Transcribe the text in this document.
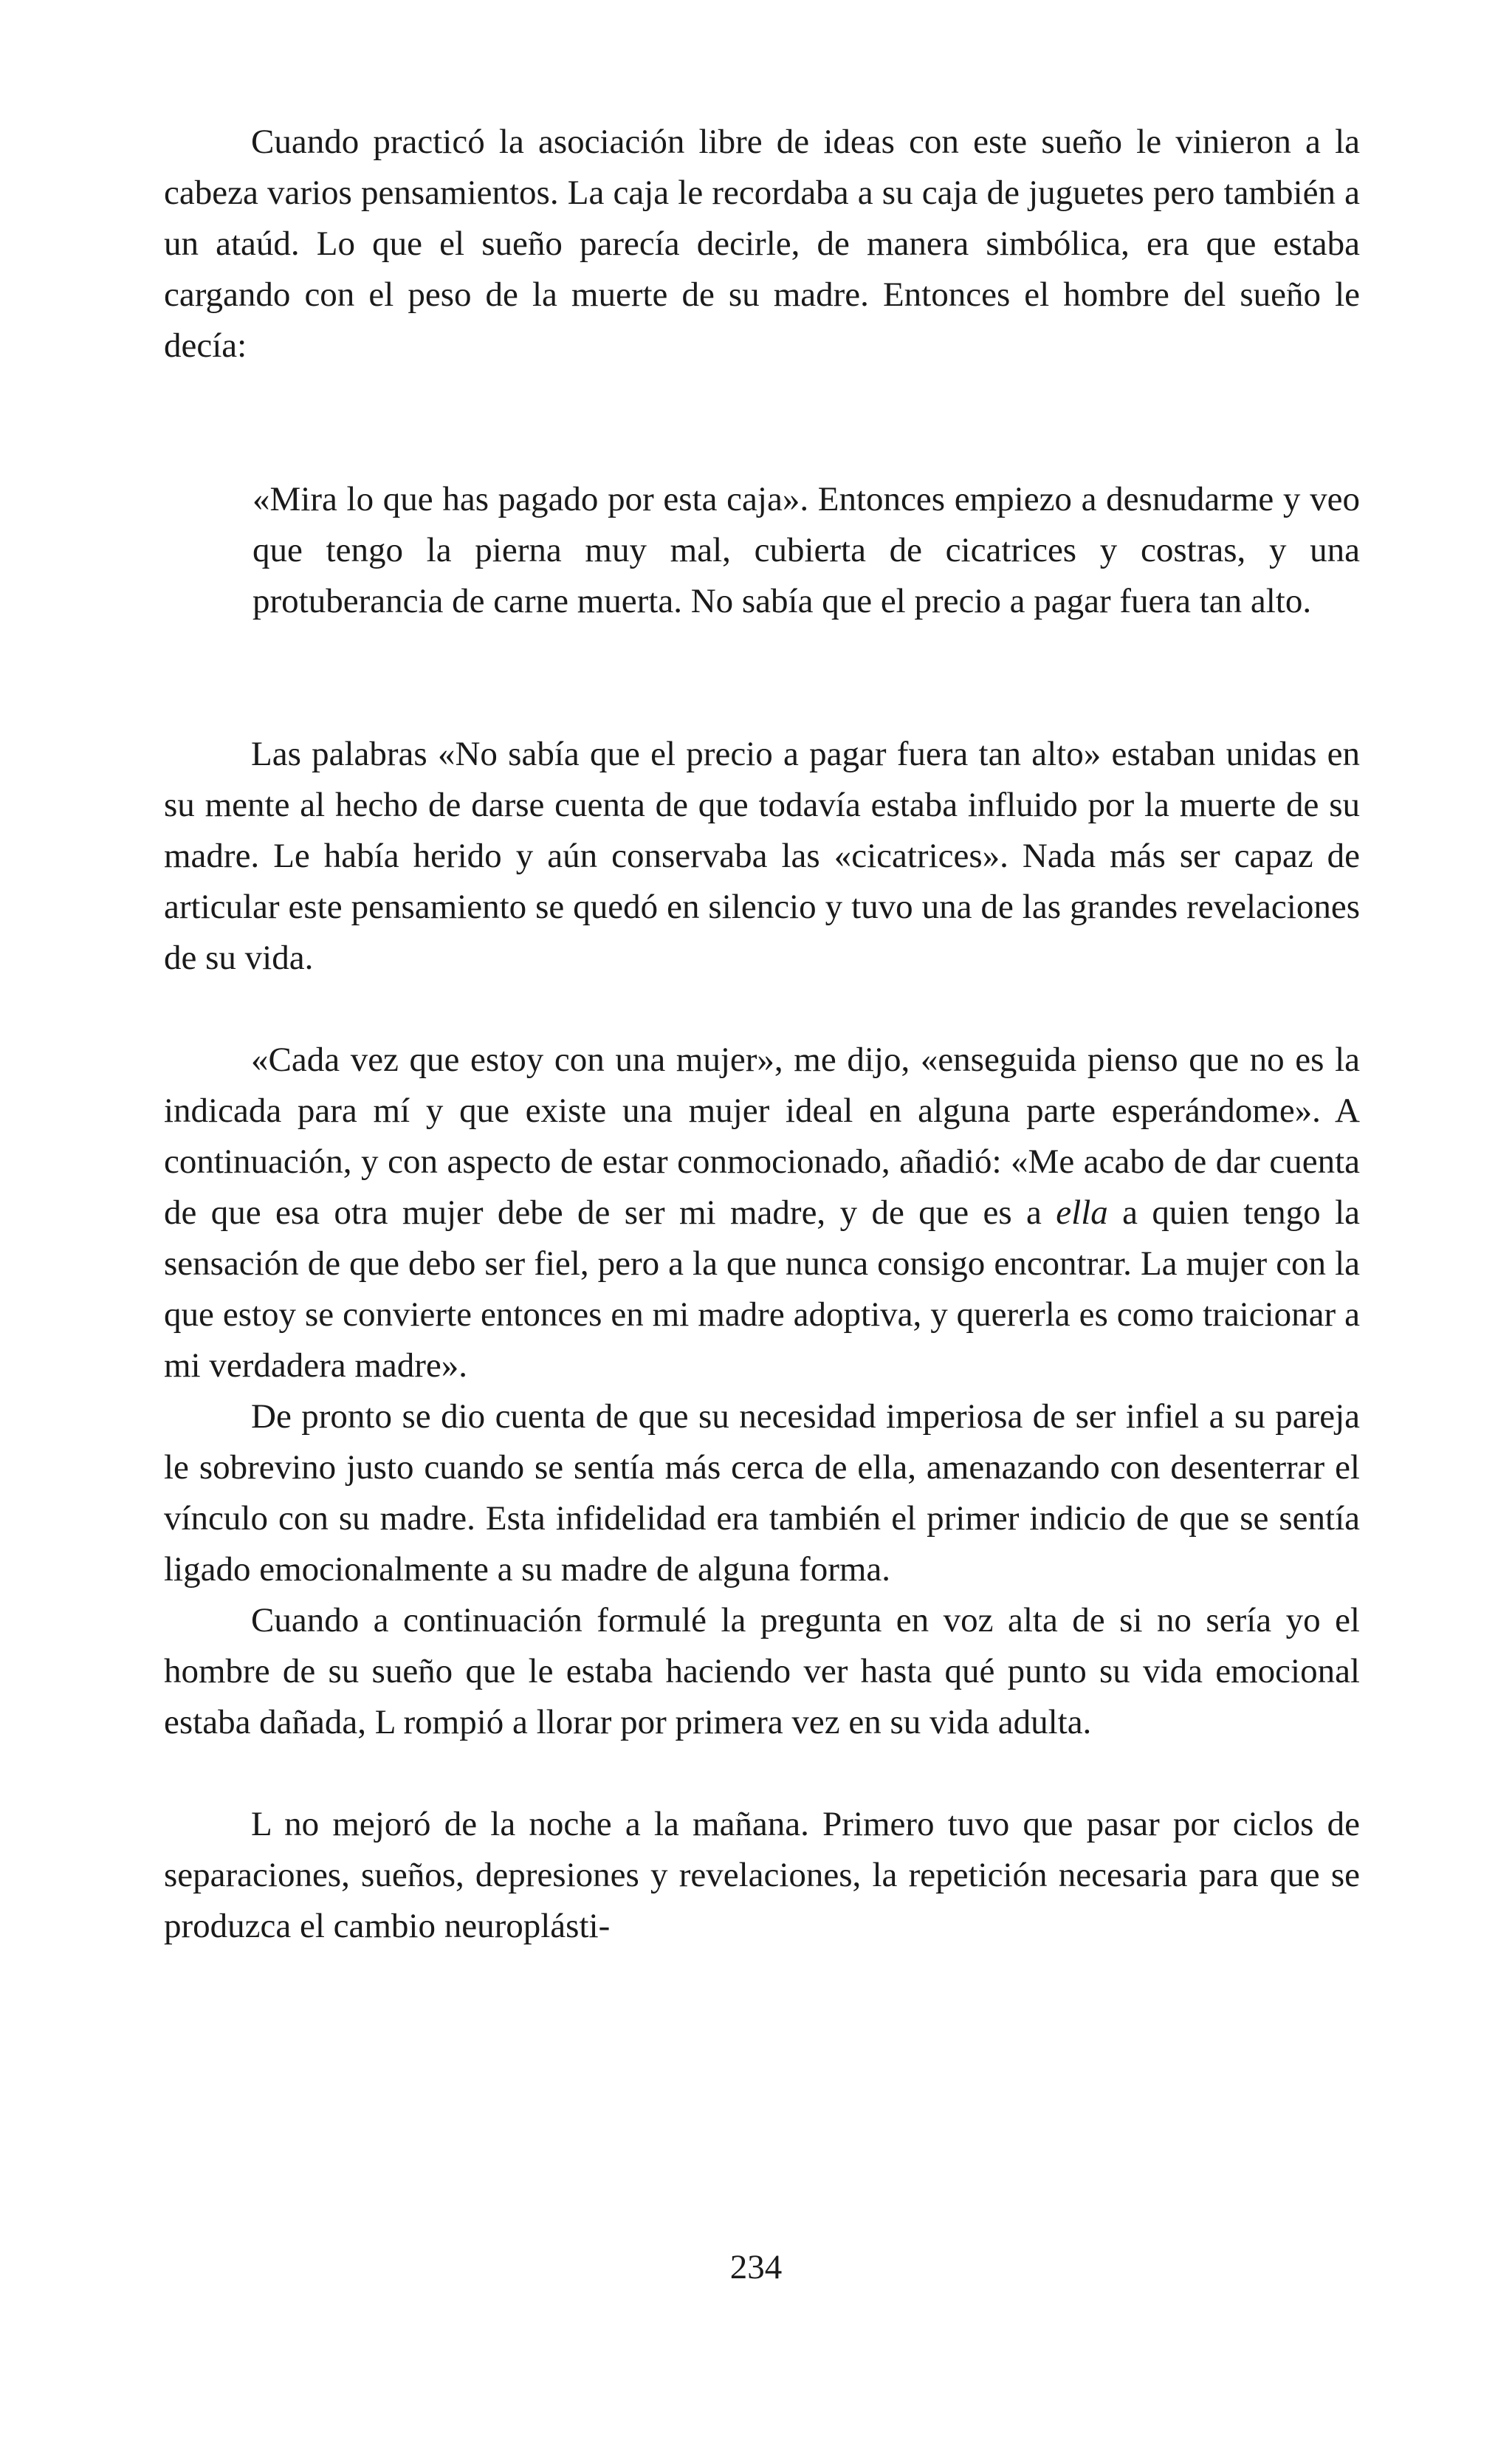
Cuando practicó la asociación libre de ideas con este sueño le vinieron a la cabeza varios pensamientos. La caja le recordaba a su caja de juguetes pero también a un ataúd. Lo que el sueño parecía decirle, de manera simbólica, era que estaba cargando con el peso de la muerte de su madre. Entonces el hombre del sueño le decía:

«Mira lo que has pagado por esta caja». Entonces empiezo a desnudarme y veo que tengo la pierna muy mal, cubierta de cicatrices y costras, y una protuberancia de carne muerta. No sabía que el precio a pagar fuera tan alto.

Las palabras «No sabía que el precio a pagar fuera tan alto» estaban unidas en su mente al hecho de darse cuenta de que todavía estaba influido por la muerte de su madre. Le había herido y aún conservaba las «cicatrices». Nada más ser capaz de articular este pensamiento se quedó en silencio y tuvo una de las grandes revelaciones de su vida.

«Cada vez que estoy con una mujer», me dijo, «enseguida pienso que no es la indicada para mí y que existe una mujer ideal en alguna parte esperándome». A continuación, y con aspecto de estar conmocionado, añadió: «Me acabo de dar cuenta de que esa otra mujer debe de ser mi madre, y de que es a ella a quien tengo la sensación de que debo ser fiel, pero a la que nunca consigo encontrar. La mujer con la que estoy se convierte entonces en mi madre adoptiva, y quererla es como traicionar a mi verdadera madre».

De pronto se dio cuenta de que su necesidad imperiosa de ser infiel a su pareja le sobrevino justo cuando se sentía más cerca de ella, amenazando con desenterrar el vínculo con su madre. Esta infidelidad era también el primer indicio de que se sentía ligado emocionalmente a su madre de alguna forma.

Cuando a continuación formulé la pregunta en voz alta de si no sería yo el hombre de su sueño que le estaba haciendo ver hasta qué punto su vida emocional estaba dañada, L rompió a llorar por primera vez en su vida adulta.

L no mejoró de la noche a la mañana. Primero tuvo que pasar por ciclos de separaciones, sueños, depresiones y revelaciones, la repetición necesaria para que se produzca el cambio neuroplásti-

234
